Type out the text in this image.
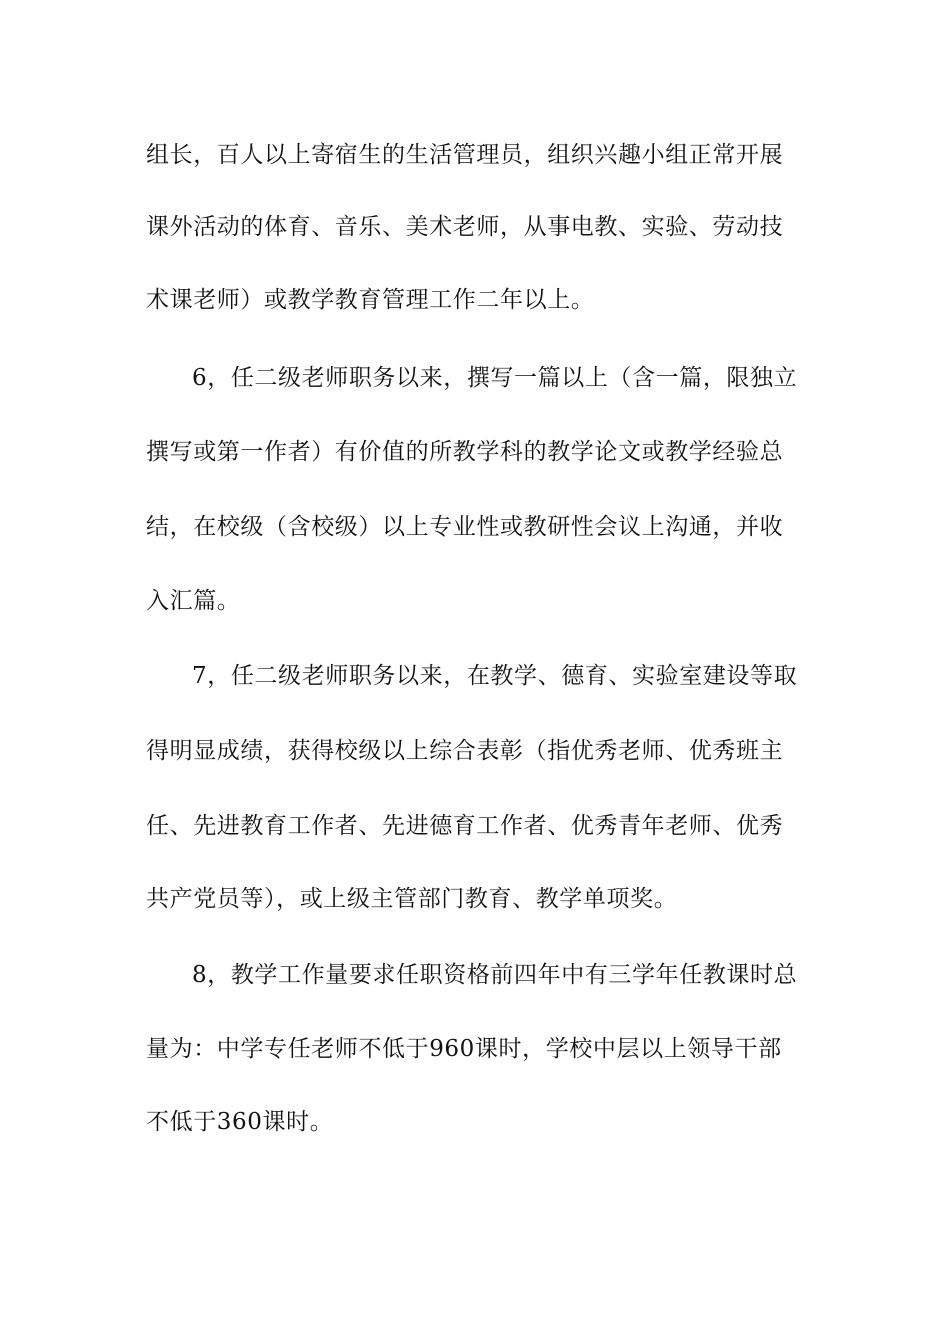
组长，百人以上寄宿生的生活管理员，组织兴趣小组正常开展
课外活动的体育、音乐、美术老师，从事电教、实验、劳动技
术课老师）或教学教育管理工作二年以上。
6，任二级老师职务以来，撰写一篇以上（含一篇，限独立
撰写或第一作者）有价值的所教学科的教学论文或教学经验总
结，在校级（含校级）以上专业性或教研性会议上沟通，并收
入汇篇。
7，任二级老师职务以来，在教学、德育、实验室建设等取
得明显成绩，获得校级以上综合表彰（指优秀老师、优秀班主
任、先进教育工作者、先进德育工作者、优秀青年老师、优秀
共产党员等），或上级主管部门教育、教学单项奖。
8，教学工作量要求任职资格前四年中有三学年任教课时总
量为：中学专任老师不低于960课时，学校中层以上领导干部
不低于360课时。
